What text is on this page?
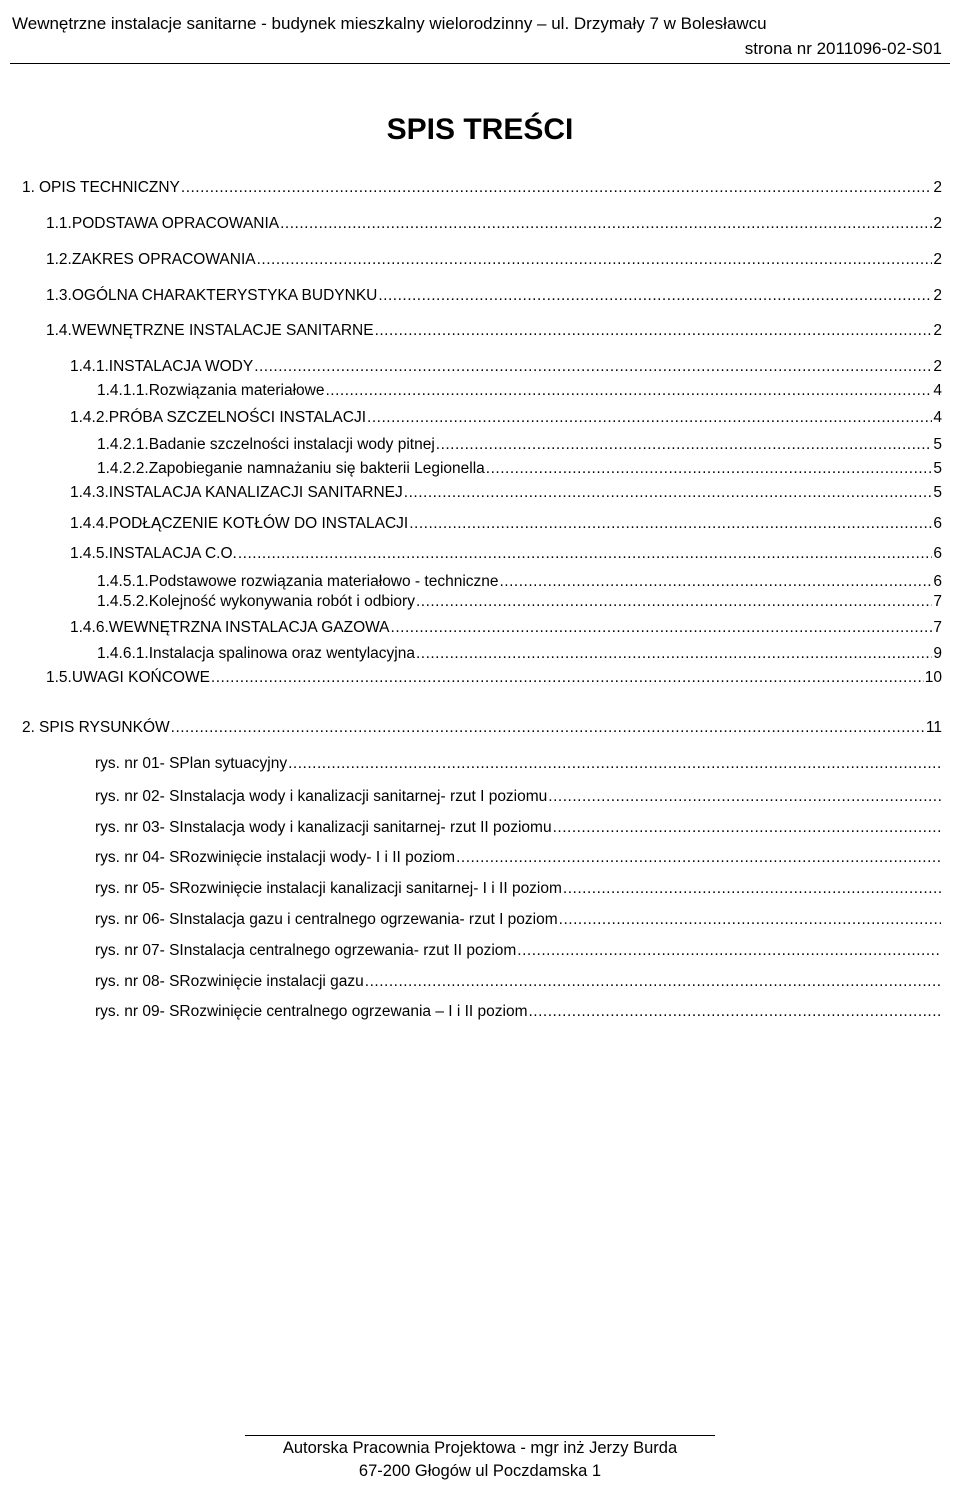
Wewnętrzne instalacje sanitarne - budynek mieszkalny wielorodzinny – ul. Drzymały 7 w Bolesławcu
strona nr 2011096-02-S01
SPIS TREŚCI
1. OPIS TECHNICZNY .....	2
1.1. PODSTAWA OPRACOWANIA .....	2
1.2. ZAKRES OPRACOWANIA .....	2
1.3. OGÓLNA CHARAKTERYSTYKA BUDYNKU .....	2
1.4. WEWNĘTRZNE INSTALACJE SANITARNE .....	2
1.4.1. INSTALACJA WODY .....	2
1.4.1.1. Rozwiązania materiałowe .....	4
1.4.2. PRÓBA SZCZELNOŚCI INSTALACJI .....	4
1.4.2.1. Badanie szczelności instalacji wody pitnej .....	5
1.4.2.2. Zapobieganie namnażaniu się bakterii Legionella .....	5
1.4.3. INSTALACJA KANALIZACJI SANITARNEJ .....	5
1.4.4. PODŁĄCZENIE KOTŁÓW DO INSTALACJI .....	6
1.4.5. INSTALACJA C.O. .....	6
1.4.5.1. Podstawowe rozwiązania materiałowo - techniczne .....	6
1.4.5.2. Kolejność wykonywania robót i odbiory .....	7
1.4.6. WEWNĘTRZNA INSTALACJA GAZOWA .....	7
1.4.6.1. Instalacja spalinowa oraz wentylacyjna .....	9
1.5. UWAGI KOŃCOWE .....	10
2. SPIS RYSUNKÓW .....	11
rys. nr 01- S Plan sytuacyjny
.....
rys. nr 02- S Instalacja wody i kanalizacji sanitarnej- rzut I poziomu
.....
rys. nr 03- S Instalacja wody i kanalizacji sanitarnej- rzut II poziomu
.....
rys. nr 04- S Rozwinięcie instalacji wody- I i II poziom
.....
rys. nr 05- S Rozwinięcie instalacji kanalizacji sanitarnej- I i II poziom
.....
rys. nr 06- S Instalacja gazu i centralnego ogrzewania- rzut I poziom
.....
rys. nr 07- S Instalacja centralnego ogrzewania- rzut II poziom
.....
rys. nr 08- S Rozwinięcie instalacji gazu
.....
rys. nr 09- S Rozwinięcie centralnego ogrzewania – I i II poziom
.....
Autorska Pracownia Projektowa - mgr inż Jerzy Burda
67-200 Głogów ul Poczdamska 1
